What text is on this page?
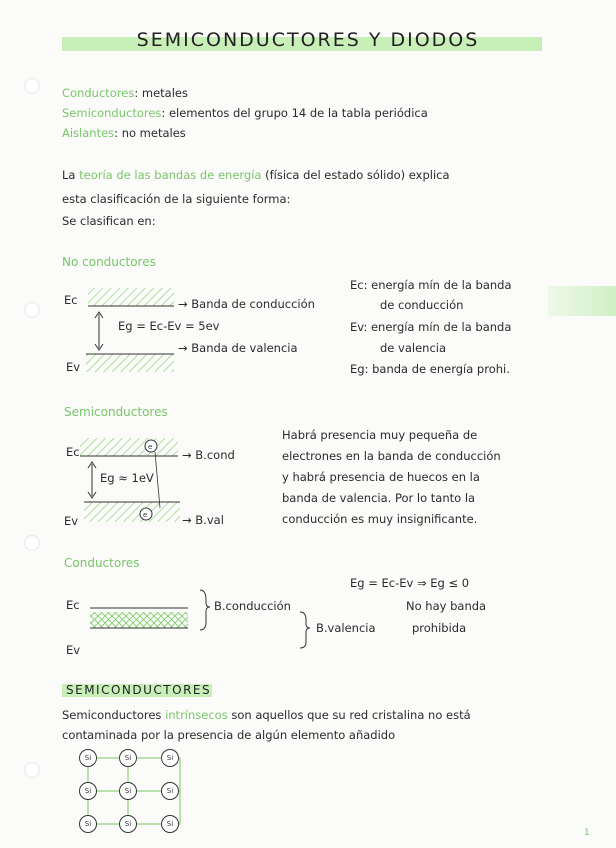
SEMICONDUCTORES Y DIODOS
Conductores: metales
Semiconductores: elementos del grupo 14 de la tabla periódica
Aislantes: no metales
La teoría de las bandas de energía (física del estado sólido) explica
esta clasificación de la siguiente forma:
Se clasifican en:
No conductores
e
e
Ec
Ev
→ Banda de conducción
Eg = Ec-Ev = 5ev
→ Banda de valencia
Ec: energía mín de la banda
de conducción
Ev: energía mín de la banda
de valencia
Eg: banda de energía prohi.
Semiconductores
Ec
Ev
Eg ≈ 1eV
→ B.cond
→ B.val
Habrá presencia muy pequeña de
electrones en la banda de conducción
y habrá presencia de huecos en la
banda de valencia. Por lo tanto la
conducción es muy insignificante.
Conductores
Ec
Ev
B.conducción
B.valencia
Eg = Ec-Ev ⇒ Eg ≤ 0
No hay banda
prohibida
SEMICONDUCTORES
Semiconductores intrínsecos son aquellos que su red cristalina no está
contaminada por la presencia de algún elemento añadido
Si	Si	Si
Si	Si	Si
Si	Si	Si
1
